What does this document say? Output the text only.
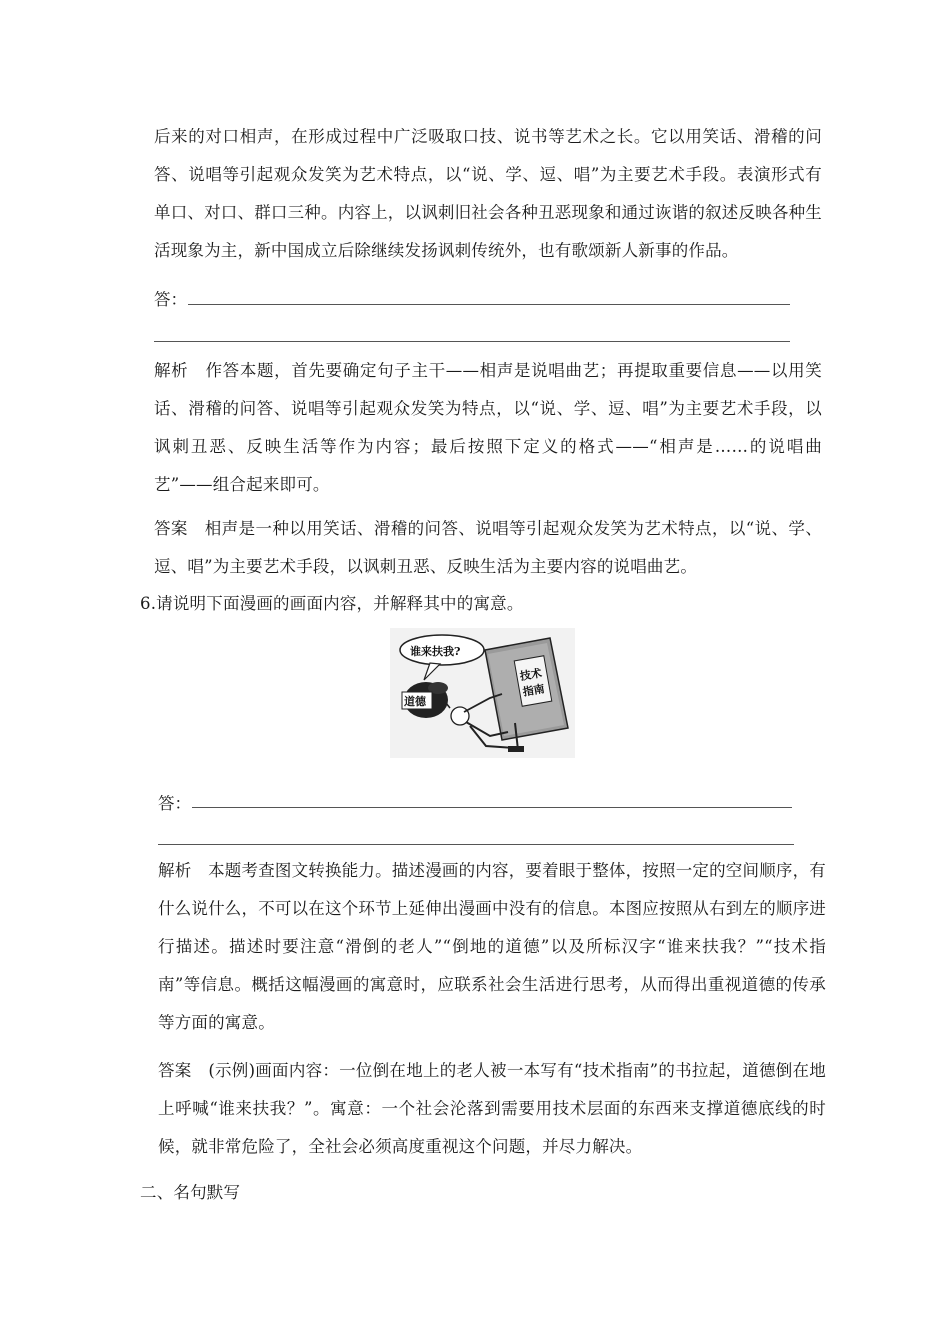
后来的对口相声，在形成过程中广泛吸取口技、说书等艺术之长。它以用笑话、滑稽的问答、说唱等引起观众发笑为艺术特点，以“说、学、逗、唱”为主要艺术手段。表演形式有单口、对口、群口三种。内容上，以讽刺旧社会各种丑恶现象和通过诙谐的叙述反映各种生活现象为主，新中国成立后除继续发扬讽刺传统外，也有歌颂新人新事的作品。

答：

解析　 作答本题，首先要确定句子主干——相声是说唱曲艺；再提取重要信息——以用笑话、滑稽的问答、说唱等引起观众发笑为特点，以“说、学、逗、唱”为主要艺术手段，以讽刺丑恶、反映生活等作为内容；最后按照下定义的格式——“相声是……的说唱曲艺”——组合起来即可。

答案　 相声是一种以用笑话、滑稽的问答、说唱等引起观众发笑为艺术特点，以“说、学、逗、唱”为主要艺术手段，以讽刺丑恶、反映生活为主要内容的说唱曲艺。

6.请说明下面漫画的画面内容，并解释其中的寓意。

技术
指南
谁来扶我?
道德
答：

解析　 本题考查图文转换能力。描述漫画的内容，要着眼于整体，按照一定的空间顺序，有什么说什么，不可以在这个环节上延伸出漫画中没有的信息。本图应按照从右到左的顺序进行描述。描述时要注意“滑倒的老人”“倒地的道德”以及所标汉字“谁来扶我？”“技术指南”等信息。概括这幅漫画的寓意时，应联系社会生活进行思考，从而得出重视道德的传承等方面的寓意。

答案　 (示例)画面内容：一位倒在地上的老人被一本写有“技术指南”的书拉起，道德倒在地上呼喊“谁来扶我？”。寓意：一个社会沦落到需要用技术层面的东西来支撑道德底线的时候，就非常危险了，全社会必须高度重视这个问题，并尽力解决。

二、名句默写
